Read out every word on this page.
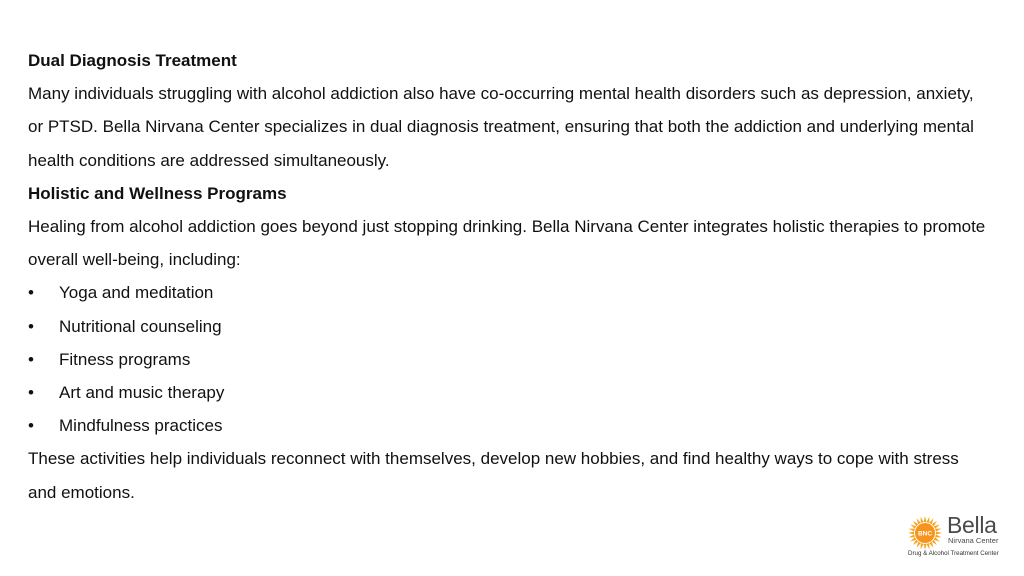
Dual Diagnosis Treatment

Many individuals struggling with alcohol addiction also have co-occurring mental health disorders such as depression, anxiety, or PTSD. Bella Nirvana Center specializes in dual diagnosis treatment, ensuring that both the addiction and underlying mental health conditions are addressed simultaneously.

Holistic and Wellness Programs

Healing from alcohol addiction goes beyond just stopping drinking. Bella Nirvana Center integrates holistic therapies to promote overall well-being, including:

• Yoga and meditation
• Nutritional counseling
• Fitness programs
• Art and music therapy
• Mindfulness practices

These activities help individuals reconnect with themselves, develop new hobbies, and find healthy ways to cope with stress and emotions.

BNC Bella
Nirvana Center
Drug & Alcohol Treatment Center
